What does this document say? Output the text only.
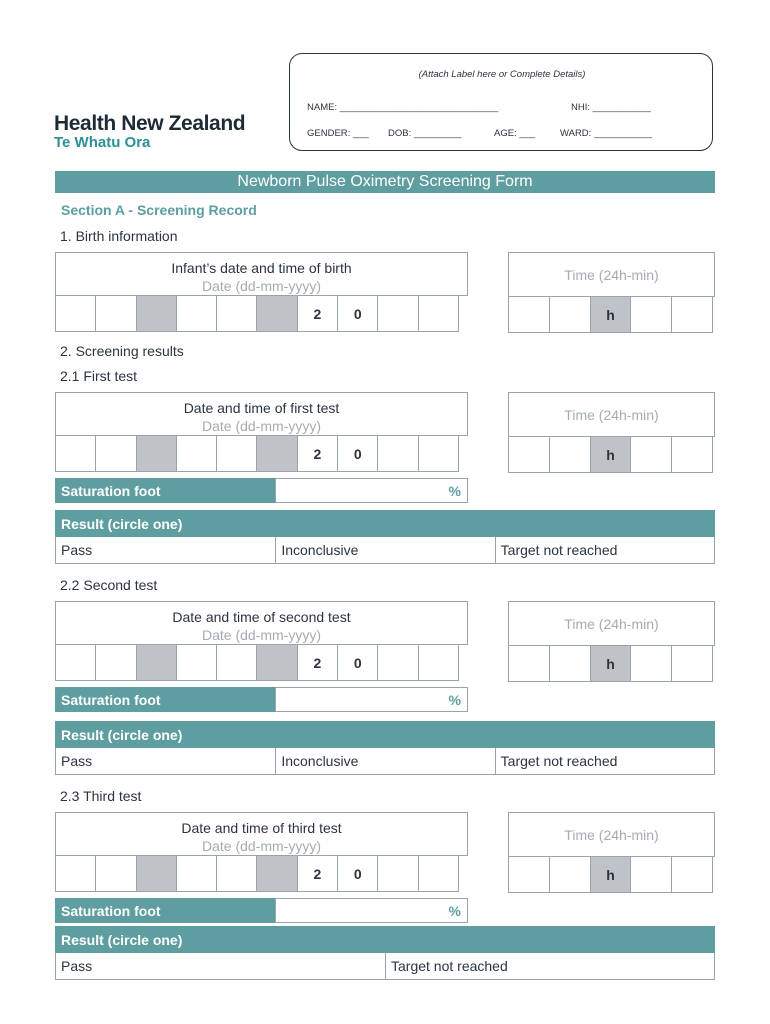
Health New Zealand
Te Whatu Ora
(Attach Label here or Complete Details)
NAME: ______________________________	NHI: ___________
GENDER: ___ DOB: _________	AGE: ___	WARD: ___________
Newborn Pulse Oximetry Screening Form
Section A - Screening Record
1. Birth information
Infant’s date and time of birth
Date (dd-mm-yyyy)
2	0
Time (24h-min)
h
2. Screening results
2.1 First test
Date and time of first test
Date (dd-mm-yyyy)
2	0
Time (24h-min)
h
Saturation foot	%
Result (circle one)
Pass	Inconclusive	Target not reached
2.2 Second test
Date and time of second test
Date (dd-mm-yyyy)
2	0
Time (24h-min)
h
Saturation foot	%
Result (circle one)
Pass	Inconclusive	Target not reached
2.3 Third test
Date and time of third test
Date (dd-mm-yyyy)
2	0
Time (24h-min)
h
Saturation foot	%
Result (circle one)
Pass	Target not reached
